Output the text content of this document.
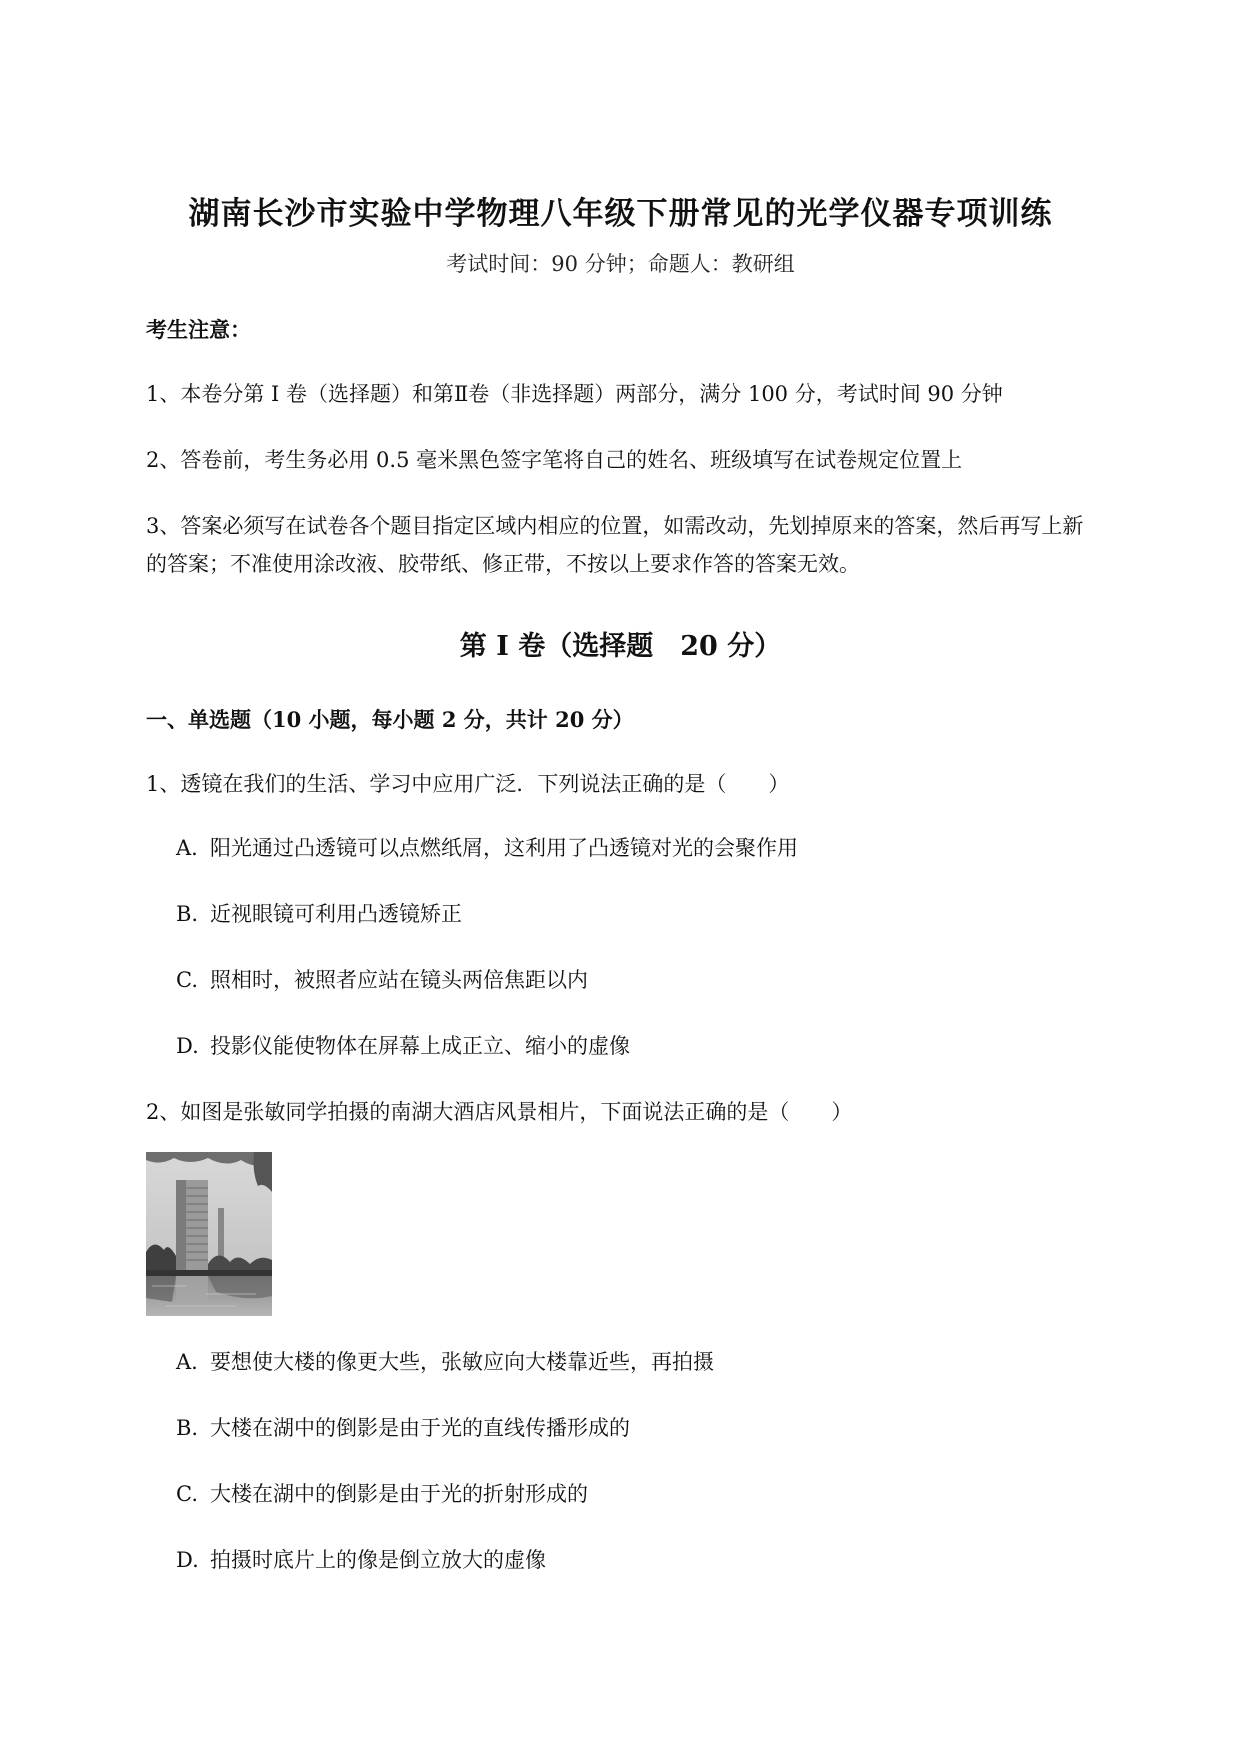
湖南长沙市实验中学物理八年级下册常见的光学仪器专项训练
考试时间：90 分钟；命题人：教研组
考生注意：
1、本卷分第 I 卷（选择题）和第Ⅱ卷（非选择题）两部分，满分 100 分，考试时间 90 分钟
2、答卷前，考生务必用 0.5 毫米黑色签字笔将自己的姓名、班级填写在试卷规定位置上
3、答案必须写在试卷各个题目指定区域内相应的位置，如需改动，先划掉原来的答案，然后再写上新
的答案；不准使用涂改液、胶带纸、修正带，不按以上要求作答的答案无效。
第 I 卷（选择题　20 分）
一、单选题（10 小题，每小题 2 分，共计 20 分）
1、透镜在我们的生活、学习中应用广泛．下列说法正确的是（　　）
A. 阳光通过凸透镜可以点燃纸屑，这利用了凸透镜对光的会聚作用
B. 近视眼镜可利用凸透镜矫正
C. 照相时，被照者应站在镜头两倍焦距以内
D. 投影仪能使物体在屏幕上成正立、缩小的虚像
2、如图是张敏同学拍摄的南湖大酒店风景相片，下面说法正确的是（　　）
A. 要想使大楼的像更大些，张敏应向大楼靠近些，再拍摄
B. 大楼在湖中的倒影是由于光的直线传播形成的
C. 大楼在湖中的倒影是由于光的折射形成的
D. 拍摄时底片上的像是倒立放大的虚像
